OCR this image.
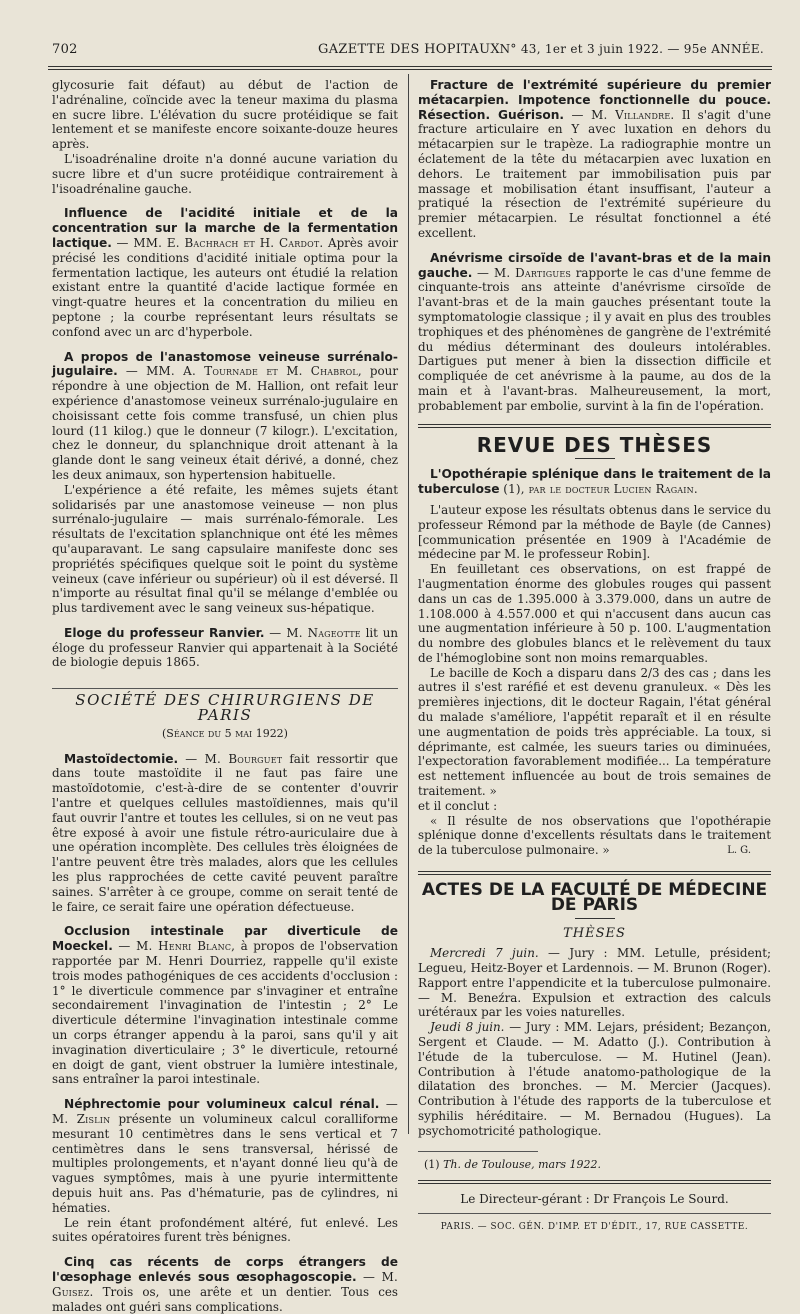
702	GAZETTE DES HOPITAUX N° 43, 1er et 3 juin 1922. — 95e ANNÉE.

glycosurie fait défaut) au début de l'action de l'adrénaline, coïncide avec la teneur maxima du plasma en sucre libre. L'élévation du sucre protéidique se fait lentement et se manifeste encore soixante-douze heures après.

L'isoadrénaline droite n'a donné aucune variation du sucre libre et d'un sucre protéidique contrairement à l'isoadrénaline gauche.

Influence de l'acidité initiale et de la concentration sur la marche de la fermentation lactique. — MM. E. Bachrach et H. Cardot. Après avoir précisé les conditions d'acidité initiale optima pour la fermentation lactique, les auteurs ont étudié la relation existant entre la quantité d'acide lactique formée en vingt-quatre heures et la concentration du milieu en peptone ; la courbe représentant leurs résultats se confond avec un arc d'hyperbole.

A propos de l'anastomose veineuse surrénalo-jugulaire. — MM. A. Tournade et M. Chabrol, pour répondre à une objection de M. Hallion, ont refait leur expérience d'anastomose veineux surrénalo-jugulaire en choisissant cette fois comme transfusé, un chien plus lourd (11 kilog.) que le donneur (7 kilogr.). L'excitation, chez le donneur, du splanchnique droit attenant à la glande dont le sang veineux était dérivé, a donné, chez les deux animaux, son hypertension habituelle.

L'expérience a été refaite, les mêmes sujets étant solidarisés par une anastomose veineuse — non plus surrénalo-jugulaire — mais surrénalo-fémorale. Les résultats de l'excitation splanchnique ont été les mêmes qu'auparavant. Le sang capsulaire manifeste donc ses propriétés spécifiques quelque soit le point du système veineux (cave inférieur ou supérieur) où il est déversé. Il n'importe au résultat final qu'il se mélange d'emblée ou plus tardivement avec le sang veineux sus-hépatique.

Eloge du professeur Ranvier. — M. Nageotte lit un éloge du professeur Ranvier qui appartenait à la Société de biologie depuis 1865.

SOCIÉTÉ DES CHIRURGIENS DE PARIS
(Séance du 5 mai 1922)

Mastoïdectomie. — M. Bourguet fait ressortir que dans toute mastoïdite il ne faut pas faire une mastoïdotomie, c'est-à-dire de se contenter d'ouvrir l'antre et quelques cellules mastoïdiennes, mais qu'il faut ouvrir l'antre et toutes les cellules, si on ne veut pas être exposé à avoir une fistule rétro-auriculaire due à une opération incomplète. Des cellules très éloignées de l'antre peuvent être très malades, alors que les cellules les plus rapprochées de cette cavité peuvent paraître saines. S'arrêter à ce groupe, comme on serait tenté de le faire, ce serait faire une opération défectueuse.

Occlusion intestinale par diverticule de Moeckel. — M. Henri Blanc, à propos de l'observation rapportée par M. Henri Dourriez, rappelle qu'il existe trois modes pathogéniques de ces accidents d'occlusion : 1° le diverticule commence par s'invaginer et entraîne secondairement l'invagination de l'intestin ; 2° Le diverticule détermine l'invagination intestinale comme un corps étranger appendu à la paroi, sans qu'il y ait invagination diverticulaire ; 3° le diverticule, retourné en doigt de gant, vient obstruer la lumière intestinale, sans entraîner la paroi intestinale.

Néphrectomie pour volumineux calcul rénal. — M. Zislin présente un volumineux calcul coralliforme mesurant 10 centimètres dans le sens vertical et 7 centimètres dans le sens transversal, hérissé de multiples prolongements, et n'ayant donné lieu qu'à de vagues symptômes, mais à une pyurie intermittente depuis huit ans. Pas d'hématurie, pas de cylindres, ni hématies.

Le rein étant profondément altéré, fut enlevé. Les suites opératoires furent très bénignes.

Cinq cas récents de corps étrangers de l'œsophage enlevés sous œsophagoscopie. — M. Guisez. Trois os, une arête et un dentier. Tous ces malades ont guéri sans complications.

Fracture de l'extrémité supérieure du premier métacarpien. Impotence fonctionnelle du pouce. Résection. Guérison. — M. Villandre. Il s'agit d'une fracture articulaire en Y avec luxation en dehors du métacarpien sur le trapèze. La radiographie montre un éclatement de la tête du métacarpien avec luxation en dehors. Le traitement par immobilisation puis par massage et mobilisation étant insuffisant, l'auteur a pratiqué la résection de l'extrémité supérieure du premier métacarpien. Le résultat fonctionnel a été excellent.

Anévrisme cirsoïde de l'avant-bras et de la main gauche. — M. Dartigues rapporte le cas d'une femme de cinquante-trois ans atteinte d'anévrisme cirsoïde de l'avant-bras et de la main gauches présentant toute la symptomatologie classique ; il y avait en plus des troubles trophiques et des phénomènes de gangrène de l'extrémité du médius déterminant des douleurs intolérables. Dartigues put mener à bien la dissection difficile et compliquée de cet anévrisme à la paume, au dos de la main et à l'avant-bras. Malheureusement, la mort, probablement par embolie, survint à la fin de l'opération.

REVUE DES THÈSES

L'Opothérapie splénique dans le traitement de la tuberculose (1), par le docteur Lucien Ragain.

L'auteur expose les résultats obtenus dans le service du professeur Rémond par la méthode de Bayle (de Cannes) [communication présentée en 1909 à l'Académie de médecine par M. le professeur Robin].

En feuilletant ces observations, on est frappé de l'augmentation énorme des globules rouges qui passent dans un cas de 1.395.000 à 3.379.000, dans un autre de 1.108.000 à 4.557.000 et qui n'accusent dans aucun cas une augmentation inférieure à 50 p. 100. L'augmentation du nombre des globules blancs et le relèvement du taux de l'hémoglobine sont non moins remarquables.

Le bacille de Koch a disparu dans 2/3 des cas ; dans les autres il s'est raréfié et est devenu granuleux. « Dès les premières injections, dit le docteur Ragain, l'état général du malade s'améliore, l'appétit reparaît et il en résulte une augmentation de poids très appréciable. La toux, si déprimante, est calmée, les sueurs taries ou diminuées, l'expectoration favorablement modifiée... La température est nettement influencée au bout de trois semaines de traitement. »

et il conclut :

« Il résulte de nos observations que l'opothérapie splénique donne d'excellents résultats dans le traitement de la tuberculose pulmonaire. »	L. G.
ACTES DE LA FACULTÉ DE MÉDECINE DE PARIS
THÈSES

Mercredi 7 juin. — Jury : MM. Letulle, président; Legueu, Heitz-Boyer et Lardennois. — M. Brunon (Roger). Rapport entre l'appendicite et la tuberculose pulmonaire. — M. Beneźra. Expulsion et extraction des calculs urétéraux par les voies naturelles.

Jeudi 8 juin. — Jury : MM. Lejars, président; Bezançon, Sergent et Claude. — M. Adatto (J.). Contribution à l'étude de la tuberculose. — M. Hutinel (Jean). Contribution à l'étude anatomo-pathologique de la dilatation des bronches. — M. Mercier (Jacques). Contribution à l'étude des rapports de la tuberculose et syphilis héréditaire. — M. Bernadou (Hugues). La psychomotricité pathologique.

(1) Th. de Toulouse, mars 1922.
Le Directeur-gérant : Dr François Le Sourd.
PARIS. — SOC. GÉN. D'IMP. ET D'ÉDIT., 17, RUE CASSETTE.
